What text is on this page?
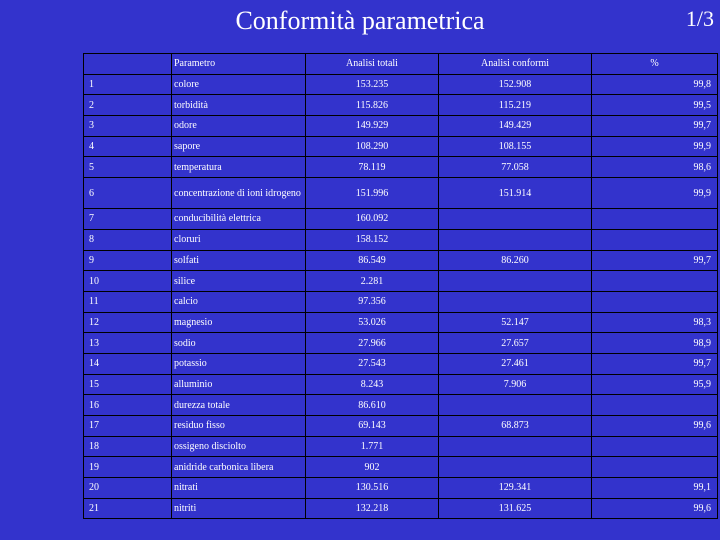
Conformità parametrica	1/3
	Parametro	Analisi totali	Analisi conformi	%
1	colore	153.235	152.908	99,8
2	torbidità	115.826	115.219	99,5
3	odore	149.929	149.429	99,7
4	sapore	108.290	108.155	99,9
5	temperatura	78.119	77.058	98,6
6	concentrazione di ioni idrogeno	151.996	151.914	99,9
7	conducibilità elettrica	160.092		
8	cloruri	158.152		
9	solfati	86.549	86.260	99,7
10	silice	2.281		
11	calcio	97.356		
12	magnesio	53.026	52.147	98,3
13	sodio	27.966	27.657	98,9
14	potassio	27.543	27.461	99,7
15	alluminio	8.243	7.906	95,9
16	durezza totale	86.610		
17	residuo fisso	69.143	68.873	99,6
18	ossigeno disciolto	1.771		
19	anidride carbonica libera	902		
20	nitrati	130.516	129.341	99,1
21	nitriti	132.218	131.625	99,6
